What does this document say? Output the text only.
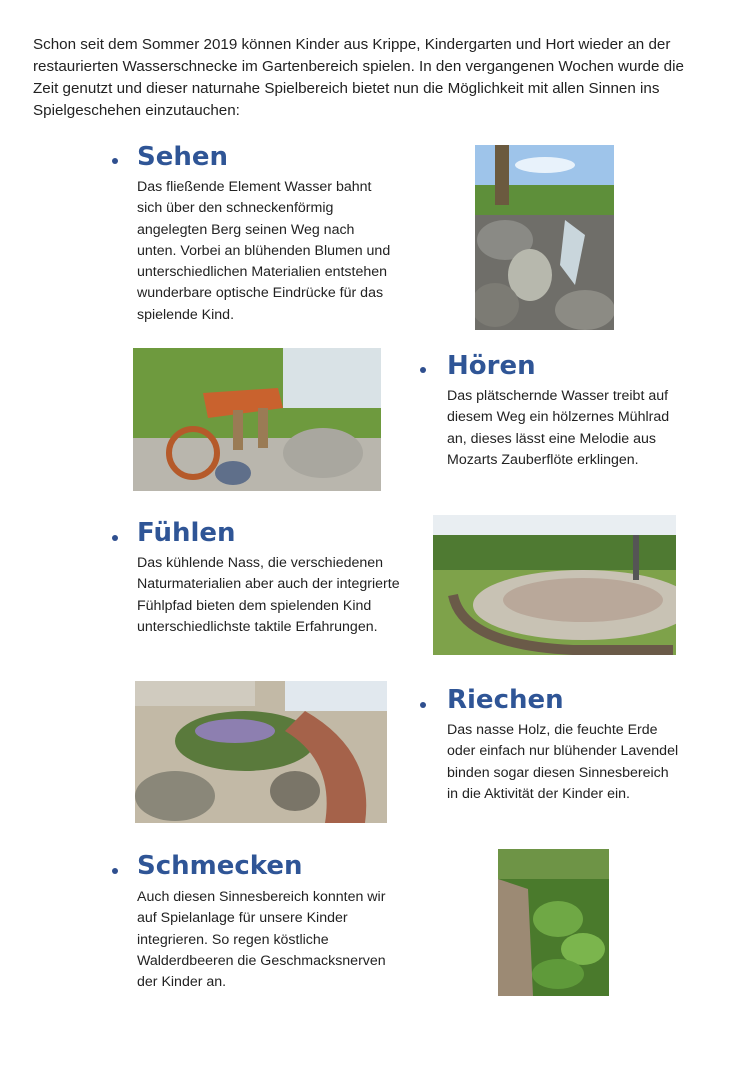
Schon seit dem Sommer 2019 können Kinder aus Krippe, Kindergarten und Hort wieder an der restaurierten Wasserschnecke im Gartenbereich spielen. In den vergangenen Wochen wurde die Zeit genutzt und dieser naturnahe Spielbereich bietet nun die Möglichkeit mit allen Sinnen ins Spielgeschehen einzutauchen:
Sehen
Das fließende Element Wasser bahnt sich über den schneckenförmig angelegten Berg seinen Weg nach unten. Vorbei an blühenden Blumen und unterschiedlichen Materialien entstehen wunderbare optische Eindrücke für das spielende Kind.
Hören
Das plätschernde Wasser treibt auf diesem Weg ein hölzernes Mühlrad an, dieses lässt eine Melodie aus Mozarts Zauberflöte erklingen.
Fühlen
Das kühlende Nass, die verschiedenen Naturmaterialien aber auch der integrierte Fühlpfad bieten dem spielenden Kind unterschiedlichste taktile Erfahrungen.
Riechen
Das nasse Holz, die feuchte Erde oder einfach nur blühender Lavendel binden sogar diesen Sinnesbereich in die Aktivität der Kinder ein.
Schmecken
Auch diesen Sinnesbereich konnten wir auf Spielanlage für unsere Kinder integrieren. So regen köstliche Walderdbeeren die Geschmacksnerven der Kinder an.
